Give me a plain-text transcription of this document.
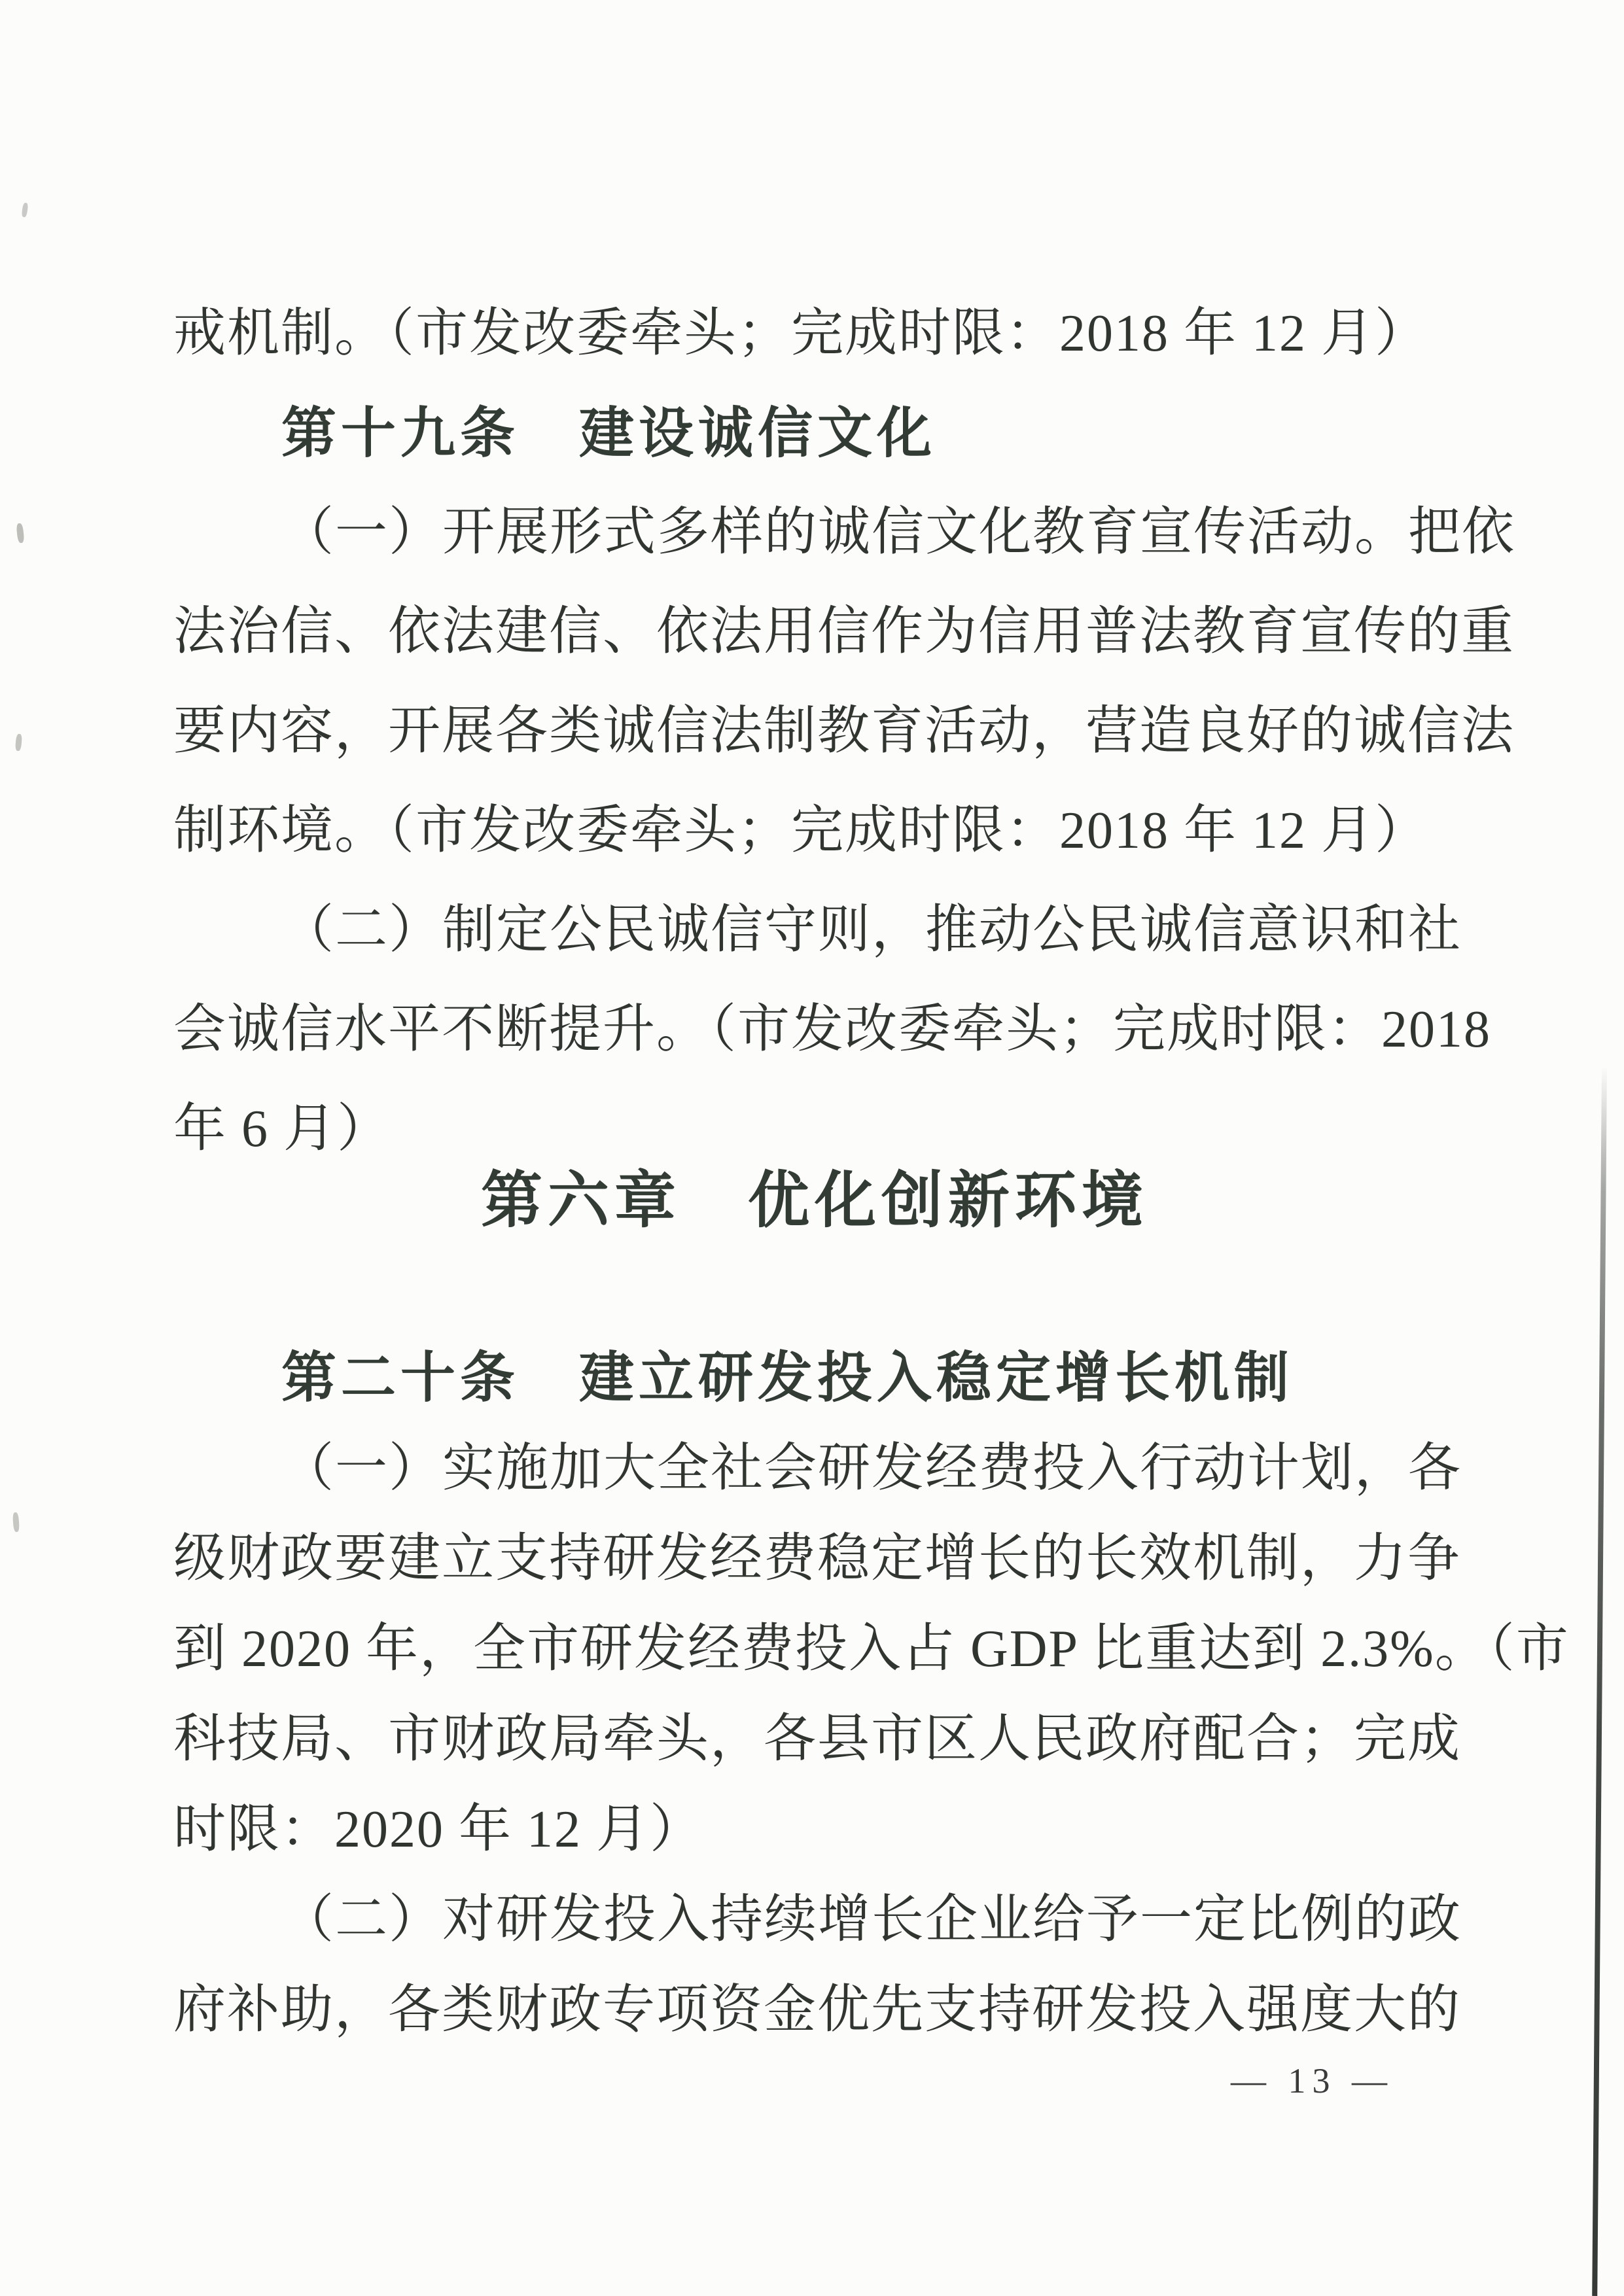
戒机制。（市发改委牵头；完成时限：2018 年 12 月）
第十九条　建设诚信文化
（一）开展形式多样的诚信文化教育宣传活动。把依
法治信、依法建信、依法用信作为信用普法教育宣传的重
要内容，开展各类诚信法制教育活动，营造良好的诚信法
制环境。（市发改委牵头；完成时限：2018 年 12 月）
（二）制定公民诚信守则，推动公民诚信意识和社
会诚信水平不断提升。（市发改委牵头；完成时限：2018
年 6 月）
第六章　优化创新环境
第二十条　建立研发投入稳定增长机制
（一）实施加大全社会研发经费投入行动计划，各
级财政要建立支持研发经费稳定增长的长效机制，力争
到 2020 年，全市研发经费投入占 GDP 比重达到 2.3%。（市
科技局、市财政局牵头，各县市区人民政府配合；完成
时限：2020 年 12 月）
（二）对研发投入持续增长企业给予一定比例的政
府补助，各类财政专项资金优先支持研发投入强度大的
— 13 —
